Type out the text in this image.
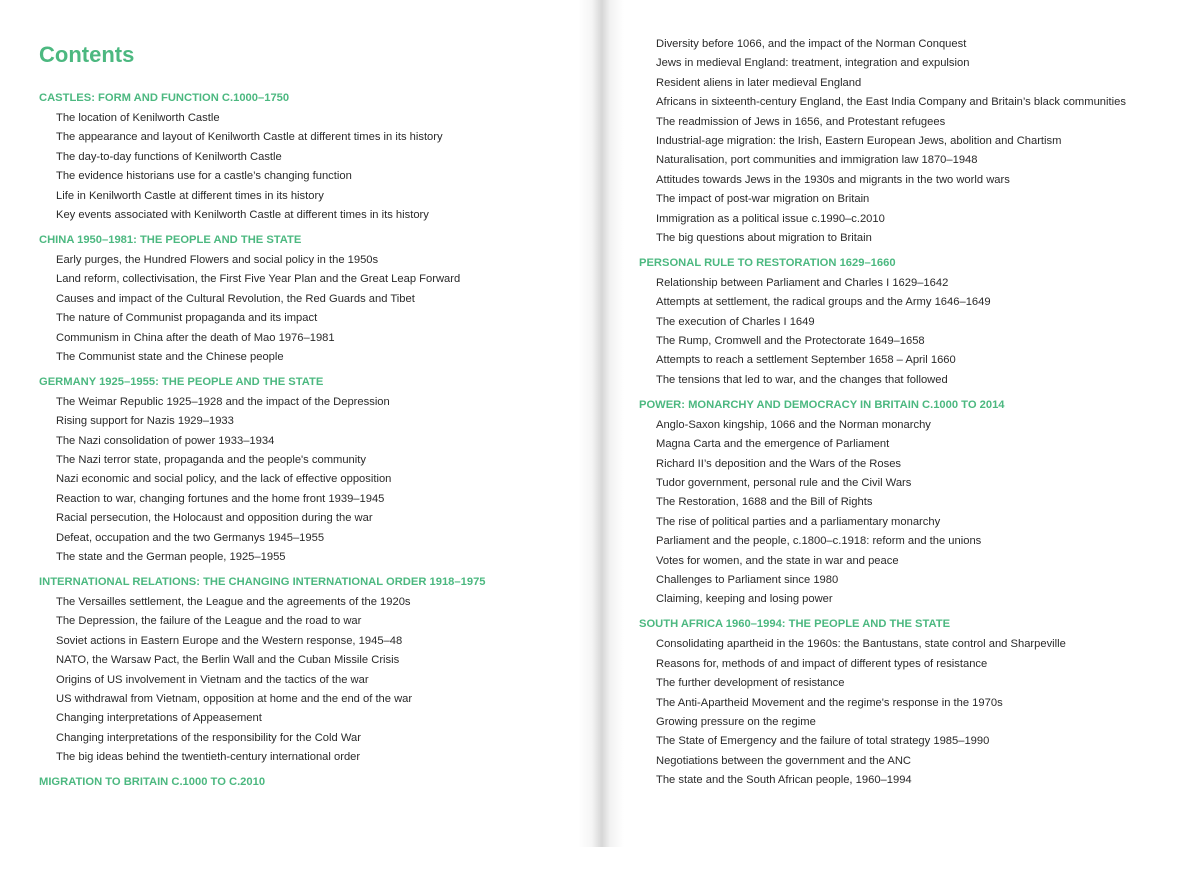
Contents
CASTLES: FORM AND FUNCTION C.1000–1750
The location of Kenilworth Castle
The appearance and layout of Kenilworth Castle at different times in its history
The day-to-day functions of Kenilworth Castle
The evidence historians use for a castle’s changing function
Life in Kenilworth Castle at different times in its history
Key events associated with Kenilworth Castle at different times in its history
CHINA 1950–1981: THE PEOPLE AND THE STATE
Early purges, the Hundred Flowers and social policy in the 1950s
Land reform, collectivisation, the First Five Year Plan and the Great Leap Forward
Causes and impact of the Cultural Revolution, the Red Guards and Tibet
The nature of Communist propaganda and its impact
Communism in China after the death of Mao 1976–1981
The Communist state and the Chinese people
GERMANY 1925–1955: THE PEOPLE AND THE STATE
The Weimar Republic 1925–1928 and the impact of the Depression
Rising support for Nazis 1929–1933
The Nazi consolidation of power 1933–1934
The Nazi terror state, propaganda and the people's community
Nazi economic and social policy, and the lack of effective opposition
Reaction to war, changing fortunes and the home front 1939–1945
Racial persecution, the Holocaust and opposition during the war
Defeat, occupation and the two Germanys 1945–1955
The state and the German people, 1925–1955
INTERNATIONAL RELATIONS: THE CHANGING INTERNATIONAL ORDER 1918–1975
The Versailles settlement, the League and the agreements of the 1920s
The Depression, the failure of the League and the road to war
Soviet actions in Eastern Europe and the Western response, 1945–48
NATO, the Warsaw Pact, the Berlin Wall and the Cuban Missile Crisis
Origins of US involvement in Vietnam and the tactics of the war
US withdrawal from Vietnam, opposition at home and the end of the war
Changing interpretations of Appeasement
Changing interpretations of the responsibility for the Cold War
The big ideas behind the twentieth-century international order
MIGRATION TO BRITAIN C.1000 TO C.2010
Diversity before 1066, and the impact of the Norman Conquest
Jews in medieval England: treatment, integration and expulsion
Resident aliens in later medieval England
Africans in sixteenth-century England, the East India Company and Britain’s black communities
The readmission of Jews in 1656, and Protestant refugees
Industrial-age migration: the Irish, Eastern European Jews, abolition and Chartism
Naturalisation, port communities and immigration law 1870–1948
Attitudes towards Jews in the 1930s and migrants in the two world wars
The impact of post-war migration on Britain
Immigration as a political issue c.1990–c.2010
The big questions about migration to Britain
PERSONAL RULE TO RESTORATION 1629–1660
Relationship between Parliament and Charles I 1629–1642
Attempts at settlement, the radical groups and the Army 1646–1649
The execution of Charles I 1649
The Rump, Cromwell and the Protectorate 1649–1658
Attempts to reach a settlement September 1658 – April 1660
The tensions that led to war, and the changes that followed
POWER: MONARCHY AND DEMOCRACY IN BRITAIN C.1000 TO 2014
Anglo-Saxon kingship, 1066 and the Norman monarchy
Magna Carta and the emergence of Parliament
Richard II’s deposition and the Wars of the Roses
Tudor government, personal rule and the Civil Wars
The Restoration, 1688 and the Bill of Rights
The rise of political parties and a parliamentary monarchy
Parliament and the people, c.1800–c.1918: reform and the unions
Votes for women, and the state in war and peace
Challenges to Parliament since 1980
Claiming, keeping and losing power
SOUTH AFRICA 1960–1994: THE PEOPLE AND THE STATE
Consolidating apartheid in the 1960s: the Bantustans, state control and Sharpeville
Reasons for, methods of and impact of different types of resistance
The further development of resistance
The Anti-Apartheid Movement and the regime's response in the 1970s
Growing pressure on the regime
The State of Emergency and the failure of total strategy 1985–1990
Negotiations between the government and the ANC
The state and the South African people, 1960–1994
